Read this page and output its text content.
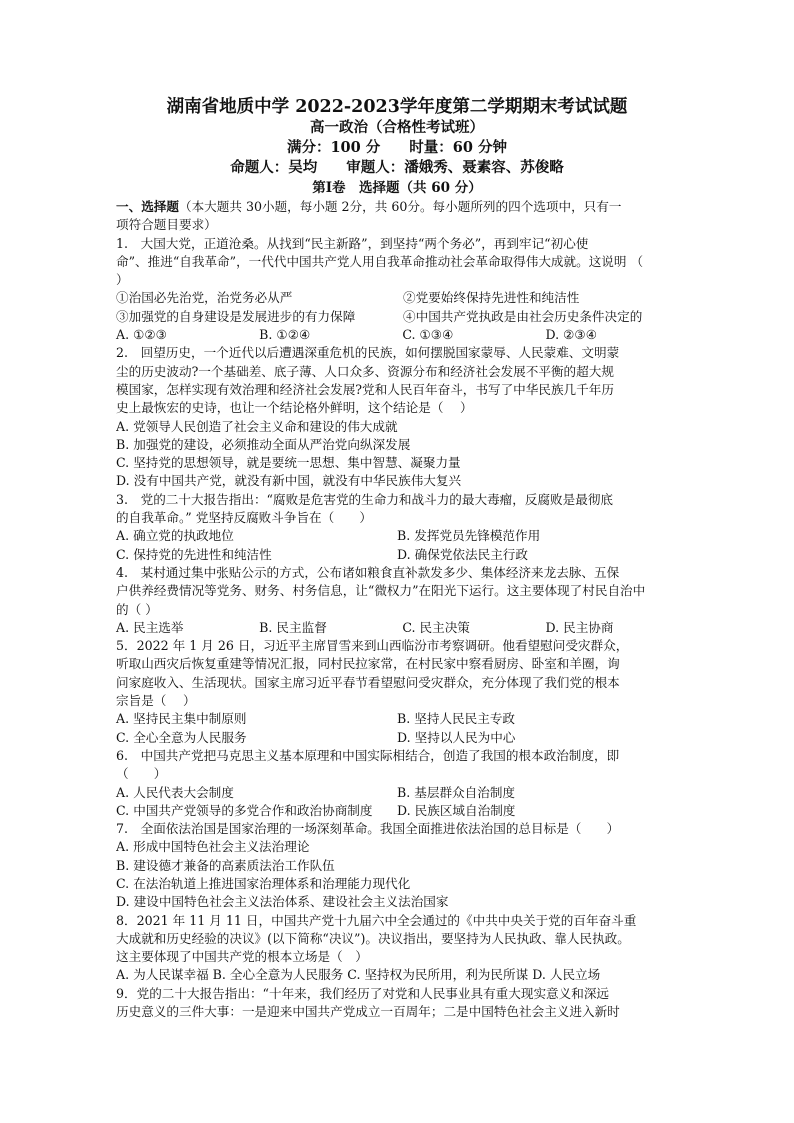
湖南省地质中学 2022-2023学年度第二学期期末考试试题
高一政治（合格性考试班）
满分：100 分　　时量：60 分钟
命题人：吴均　　审题人：潘娥秀、聂素容、苏俊略
第Ⅰ卷　选择题（共 60 分）
一、选择题（本大题共 30小题，每小题 2分，共 60分。每小题所列的四个选项中，只有一
项符合题目要求）
1.　大国大党，正道沧桑。从找到“民主新路”，到坚持“两个务必”，再到牢记“初心使
命”、推进“自我革命”，一代代中国共产党人用自我革命推动社会革命取得伟大成就。这说明 （
）
①治国必先治党，治党务必从严	②党要始终保持先进性和纯洁性
③加强党的自身建设是发展进步的有力保障	④中国共产党执政是由社会历史条件决定的
A. ①②③	B. ①②④	C. ①③④	D. ②③④
2.　回望历史，一个近代以后遭遇深重危机的民族，如何摆脱国家蒙辱、人民蒙难、文明蒙
尘的历史波动?一个基础差、底子薄、人口众多、资源分布和经济社会发展不平衡的超大规
模国家，怎样实现有效治理和经济社会发展?党和人民百年奋斗，书写了中华民族几千年历
史上最恢宏的史诗，也让一个结论格外鲜明，这个结论是（　 ）
A. 党领导人民创造了社会主义命和建设的伟大成就
B. 加强党的建设，必须推动全面从严治党向纵深发展
C. 坚持党的思想领导，就是要统一思想、集中智慧、凝聚力量
D. 没有中国共产党，就没有新中国，就没有中华民族伟大复兴
3.　党的二十大报告指出：“腐败是危害党的生命力和战斗力的最大毒瘤，反腐败是最彻底
的自我革命。” 党坚持反腐败斗争旨在（　　）
A. 确立党的执政地位	B. 发挥党员先锋模范作用
C. 保持党的先进性和纯洁性	D. 确保党依法民主行政
4.　某村通过集中张贴公示的方式，公布诸如粮食直补款发多少、集体经济来龙去脉、五保
户供养经费情况等党务、财务、村务信息，让“微权力”在阳光下运行。这主要体现了村民自治中
的（ ）
A. 民主选举	B. 民主监督	C. 民主决策	D. 民主协商
5．2022 年 1 月 26 日，习近平主席冒雪来到山西临汾市考察调研。他看望慰问受灾群众，
听取山西灾后恢复重建等情况汇报，同村民拉家常，在村民家中察看厨房、卧室和羊圈，询
问家庭收入、生活现状。国家主席习近平春节看望慰问受灾群众，充分体现了我们党的根本
宗旨是（　 ）
A. 坚持民主集中制原则	B. 坚持人民民主专政
C. 全心全意为人民服务	D. 坚持以人民为中心
6.　中国共产党把马克思主义基本原理和中国实际相结合，创造了我国的根本政治制度，即
（　　）
A. 人民代表大会制度	B. 基层群众自治制度
C. 中国共产党领导的多党合作和政治协商制度	D. 民族区域自治制度
7.　全面依法治国是国家治理的一场深刻革命。我国全面推进依法治国的总目标是（　　）
A. 形成中国特色社会主义法治理论
B. 建设德才兼备的高素质法治工作队伍
C. 在法治轨道上推进国家治理体系和治理能力现代化
D. 建设中国特色社会主义法治体系、建设社会主义法治国家
8．2021 年 11 月 11 日，中国共产党十九届六中全会通过的《中共中央关于党的百年奋斗重
大成就和历史经验的决议》(以下简称“决议”)。决议指出，要坚持为人民执政、靠人民执政。
这主要体现了中国共产党的根本立场是（　）
A. 为人民谋幸福 B. 全心全意为人民服务 C. 坚持权为民所用，利为民所谋 D. 人民立场
9．党的二十大报告指出：“十年来，我们经历了对党和人民事业具有重大现实意义和深远
历史意义的三件大事：一是迎来中国共产党成立一百周年；二是中国特色社会主义进入新时
